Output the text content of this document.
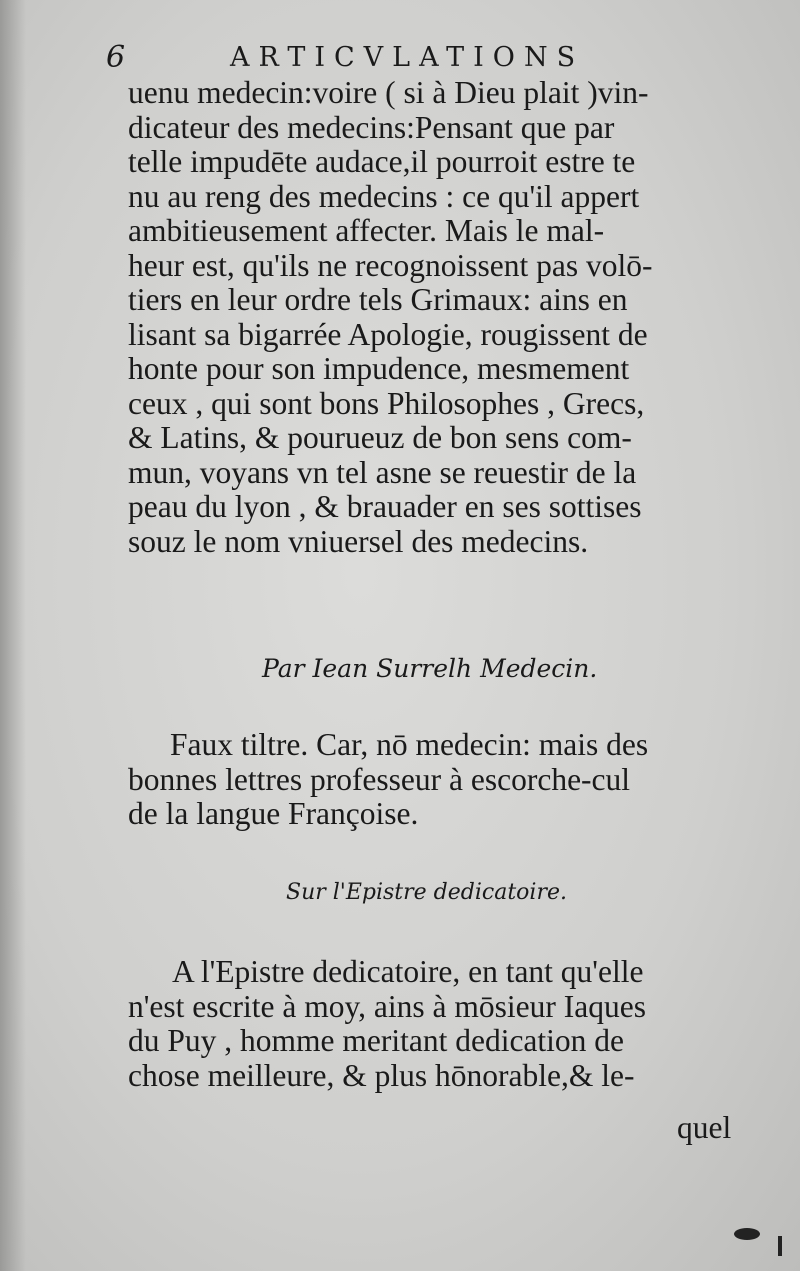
6	ARTICVLATIONS
uenu medecin:voire ( si à Dieu plait )vin-
dicateur des medecins:Pensant que par
telle impudēte audace,il pourroit estre te
nu au reng des medecins : ce qu'il appert
ambitieusement affecter. Mais le mal-
heur est, qu'ils ne recognoissent pas volō-
tiers en leur ordre tels Grimaux: ains en
lisant sa bigarrée Apologie, rougissent de
honte pour son impudence, mesmement
ceux , qui sont bons Philosophes , Grecs,
& Latins, & pourueuz de bon sens com-
mun, voyans vn tel asne se reuestir de la
peau du lyon , & brauader en ses sottises
souz le nom vniuersel des medecins.
Par Iean Surrelh Medecin.
Faux tiltre. Car, nō medecin: mais des
bonnes lettres professeur à escorche-cul
de la langue Françoise.
Sur l'Epistre dedicatoire.
A l'Epistre dedicatoire, en tant qu'elle
n'est escrite à moy, ains à mōsieur Iaques
du Puy , homme meritant dedication de
chose meilleure, & plus hōnorable,& le-
quel
